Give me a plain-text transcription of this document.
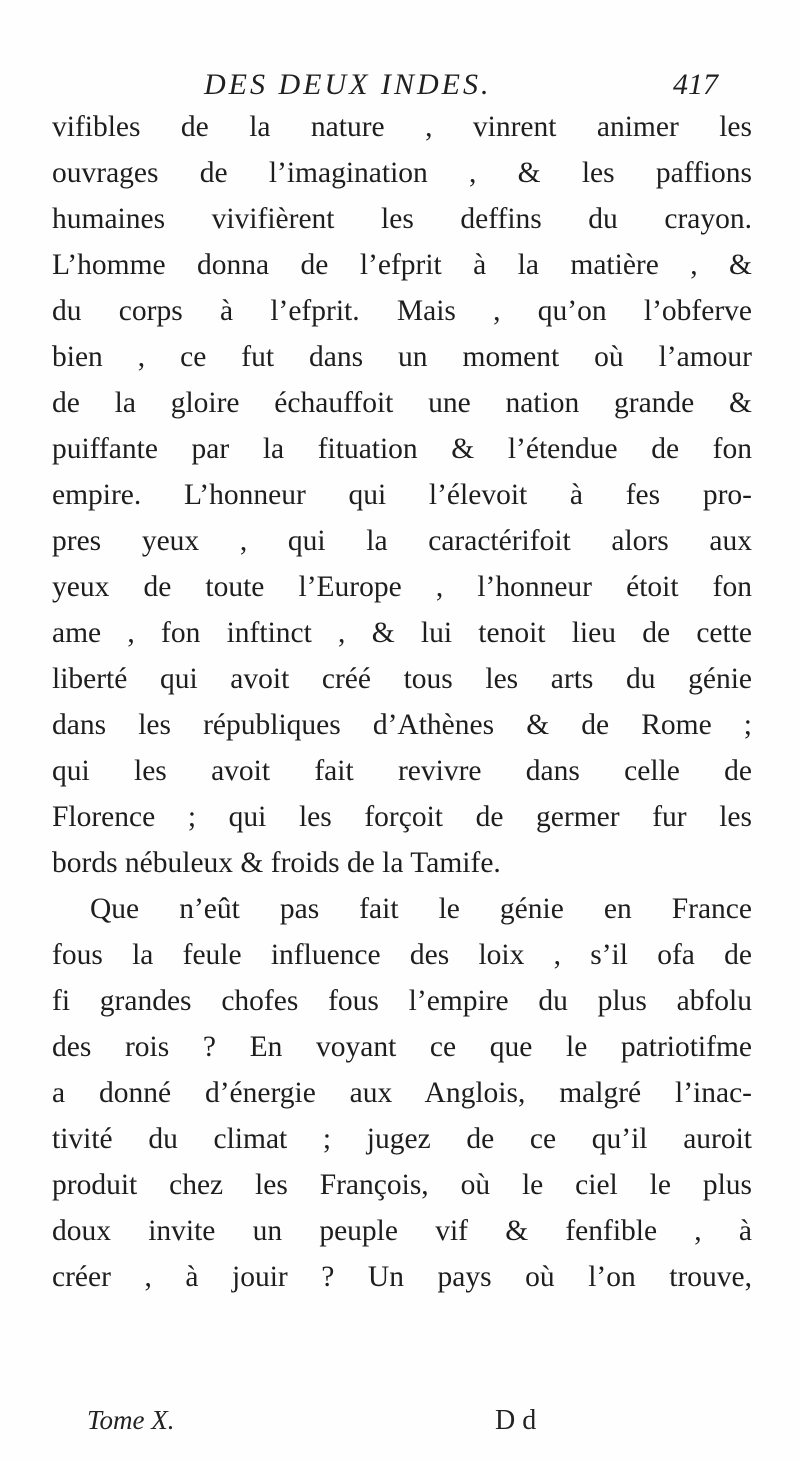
DES DEUX INDES.	417
vifibles de la nature , vinrent animer les
ouvrages de l’imagination , & les paffions
humaines vivifièrent les deffins du crayon.
L’homme donna de l’efprit à la matière , &
du corps à l’efprit. Mais , qu’on l’obferve
bien , ce fut dans un moment où l’amour
de la gloire échauffoit une nation grande &
puiffante par la fituation & l’étendue de fon
empire. L’honneur qui l’élevoit à fes pro-
pres yeux , qui la caractérifoit alors aux
yeux de toute l’Europe , l’honneur étoit fon
ame , fon inftinct , & lui tenoit lieu de cette
liberté qui avoit créé tous les arts du génie
dans les républiques d’Athènes & de Rome ;
qui les avoit fait revivre dans celle de
Florence ; qui les forçoit de germer fur les
bords nébuleux & froids de la Tamife.
Que n’eût pas fait le génie en France
fous la feule influence des loix , s’il ofa de
fi grandes chofes fous l’empire du plus abfolu
des rois ? En voyant ce que le patriotifme
a donné d’énergie aux Anglois, malgré l’inac-
tivité du climat ; jugez de ce qu’il auroit
produit chez les François, où le ciel le plus
doux invite un peuple vif & fenfible , à
créer , à jouir ? Un pays où l’on trouve,
Tome X.	D d
